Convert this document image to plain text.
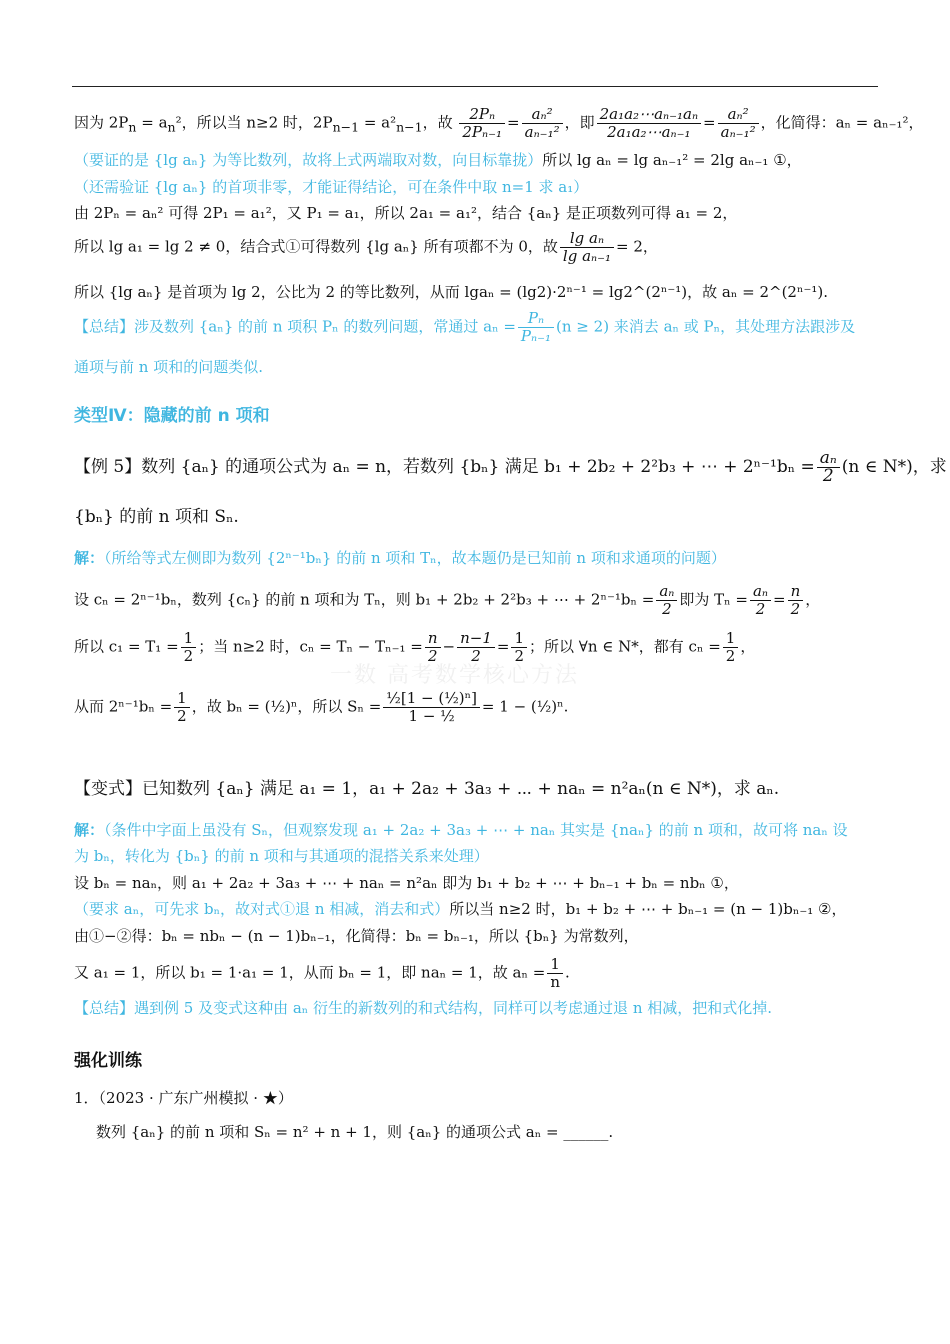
一数 高考数学核心方法
因为 $2P_n = a_n^2$，所以当 n≥2 时，$2P_{n-1} = a^2_{n-1}$，故 $\frac{\text{2Pₙ}}{\text{2Pₙ₋₁}} = \frac{\text{aₙ²}}{\text{aₙ₋₁²}}$ ，即 $\frac{\text{2a₁a₂⋯aₙ₋₁aₙ}}{\text{2a₁a₂⋯aₙ₋₁}} = \frac{\text{aₙ²}}{\text{aₙ₋₁²}}$ ，化简得：aₙ = aₙ₋₁²，
（要证的是 {lg aₙ} 为等比数列，故将上式两端取对数，向目标靠拢）所以 lg aₙ = lg aₙ₋₁² = 2lg aₙ₋₁ ①，
（还需验证 {lg aₙ} 的首项非零，才能证得结论，可在条件中取 n=1 求 a₁）
由 2Pₙ = aₙ² 可得 2P₁ = a₁²，又 P₁ = a₁，所以 2a₁ = a₁²，结合 {aₙ} 是正项数列可得 a₁ = 2，
所以 lg a₁ = lg 2 ≠ 0，结合式①可得数列 {lg aₙ} 所有项都不为 0，故 $\frac{\text{lg aₙ}}{\text{lg aₙ₋₁}} = 2$，
所以 {lg aₙ} 是首项为 lg 2，公比为 2 的等比数列，从而 lgaₙ = (lg2)·2ⁿ⁻¹ = lg2^(2ⁿ⁻¹)，故 aₙ = 2^(2ⁿ⁻¹).
【总结】涉及数列 {aₙ} 的前 n 项积 Pₙ 的数列问题，常通过 $a_n = \frac{\text{Pₙ}}{\text{Pₙ₋₁}} (n \ge 2)$ 来消去 aₙ 或 Pₙ，其处理方法跟涉及
通项与前 n 项和的问题类似.
类型Ⅳ：隐藏的前 n 项和
【例 5】数列 {aₙ} 的通项公式为 aₙ = n，若数列 {bₙ} 满足 b₁ + 2b₂ + 2²b₃ + ⋯ + $2^{n-1}b_n = \frac{\text{aₙ}}{2} (n$ ∈ N*)，求
{bₙ} 的前 n 项和 Sₙ.
解：（所给等式左侧即为数列 {2ⁿ⁻¹bₙ} 的前 n 项和 Tₙ，故本题仍是已知前 n 项和求通项的问题）
设 cₙ = 2ⁿ⁻¹bₙ，数列 {cₙ} 的前 n 项和为 Tₙ，则 b₁ + 2b₂ + 2²b₃ + ⋯ + $2^{n-1}b_n = \frac{\text{aₙ}}{2}$ 即为 $T_n = \frac{\text{aₙ}}{2} = \frac{n}{2}$ ，
所以 $c_1 = T_1 = \frac{1}{2}$ ；当 n≥2 时，$c_n = T_n - T_{n-1} = \frac{n}{2} - \frac{n-1}{2} = \frac{1}{2}$ ；所以 ∀n ∈ N*，都有 $c_n = \frac{1}{2}$ ，
从而 $2^{n-1}b_n = \frac{1}{2}$ ，故 bₙ = (½)ⁿ，所以 $S_n = \frac{\text{½[1 − (½)ⁿ]}}{\text{1 − ½}} = 1$ − (½)ⁿ.
【变式】已知数列 {aₙ} 满足 a₁ = 1，a₁ + 2a₂ + 3a₃ + ⋯ + naₙ = n²aₙ(n ∈ N*)，求 aₙ.
解：（条件中字面上虽没有 Sₙ，但观察发现 a₁ + 2a₂ + 3a₃ + ⋯ + naₙ 其实是 {naₙ} 的前 n 项和，故可将 naₙ 设
为 bₙ，转化为 {bₙ} 的前 n 项和与其通项的混搭关系来处理）
设 bₙ = naₙ，则 a₁ + 2a₂ + 3a₃ + ⋯ + naₙ = n²aₙ 即为 b₁ + b₂ + ⋯ + bₙ₋₁ + bₙ = nbₙ ①，
（要求 aₙ，可先求 bₙ，故对式①退 n 相减，消去和式）所以当 n≥2 时，b₁ + b₂ + ⋯ + bₙ₋₁ = (n − 1)bₙ₋₁ ②，
由①−②得：bₙ = nbₙ − (n − 1)bₙ₋₁，化简得：bₙ = bₙ₋₁，所以 {bₙ} 为常数列，
又 a₁ = 1，所以 b₁ = 1·a₁ = 1，从而 bₙ = 1，即 naₙ = 1，故 $a_n = \frac{1}{n}$ .
【总结】遇到例 5 及变式这种由 aₙ 衍生的新数列的和式结构，同样可以考虑通过退 n 相减，把和式化掉.
强化训练
1．（2023 · 广东广州模拟 · ★）
数列 {aₙ} 的前 n 项和 Sₙ = n² + n + 1，则 {aₙ} 的通项公式 aₙ = ______.
